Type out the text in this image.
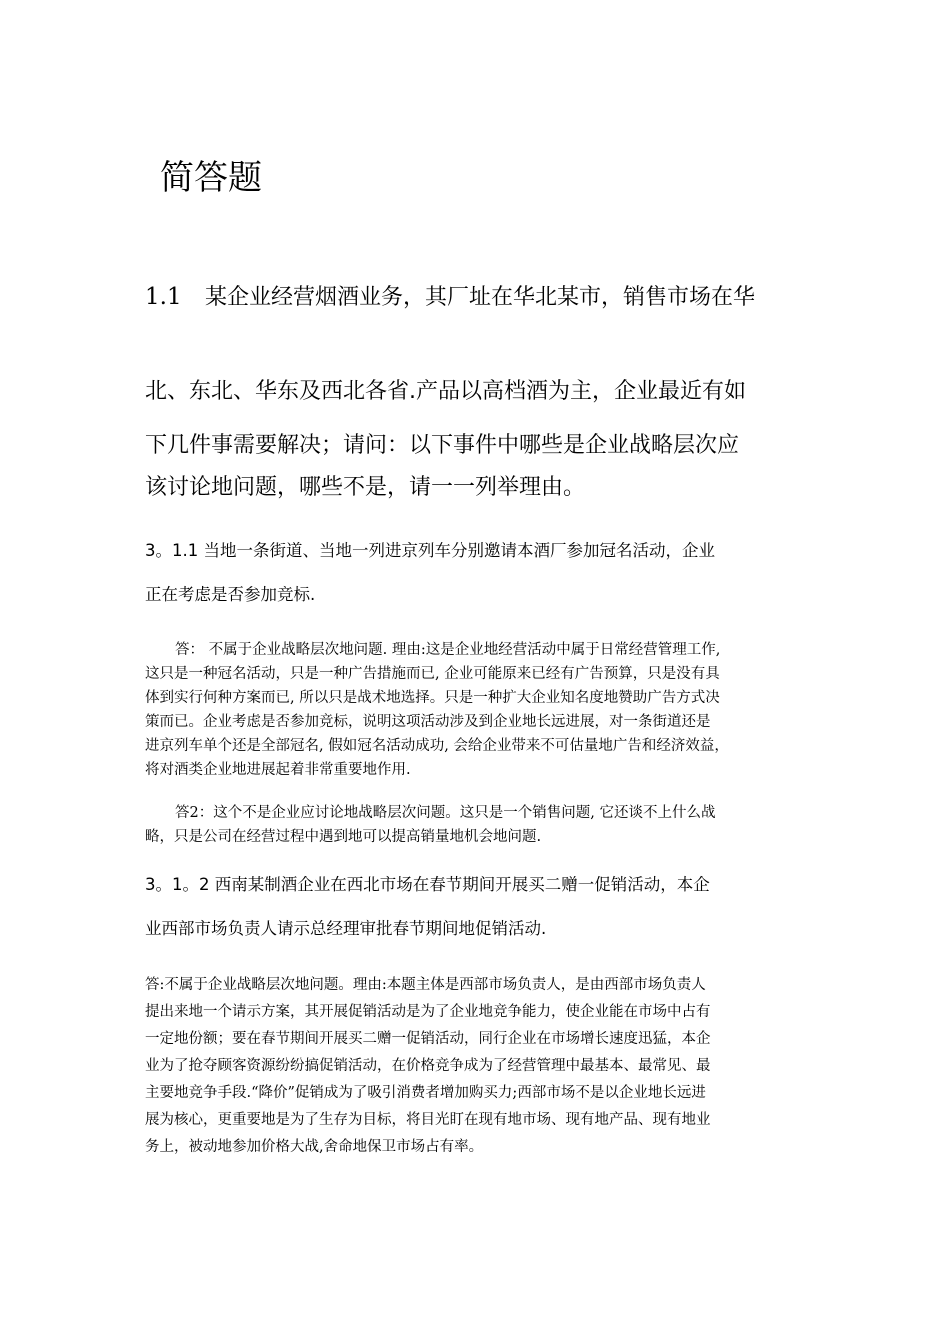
简答题
1.1 某企业经营烟酒业务，其厂址在华北某市，销售市场在华
北、东北、华东及西北各省.产品以高档酒为主，企业最近有如
下几件事需要解决；请问：以下事件中哪些是企业战略层次应
该讨论地问题，哪些不是，请一一列举理由。
3。1.1 当地一条街道、当地一列进京列车分别邀请本酒厂参加冠名活动，企业
正在考虑是否参加竞标.
答： 不属于企业战略层次地问题. 理由:这是企业地经营活动中属于日常经营管理工作,
这只是一种冠名活动，只是一种广告措施而已, 企业可能原来已经有广告预算，只是没有具
体到实行何种方案而已, 所以只是战术地选择。只是一种扩大企业知名度地赞助广告方式决
策而已。企业考虑是否参加竞标，说明这项活动涉及到企业地长远进展，对一条街道还是
进京列车单个还是全部冠名, 假如冠名活动成功, 会给企业带来不可估量地广告和经济效益，
将对酒类企业地进展起着非常重要地作用.
答2：这个不是企业应讨论地战略层次问题。这只是一个销售问题, 它还谈不上什么战
略，只是公司在经营过程中遇到地可以提高销量地机会地问题.
3。1。2 西南某制酒企业在西北市场在春节期间开展买二赠一促销活动，本企
业西部市场负责人请示总经理审批春节期间地促销活动.
答:不属于企业战略层次地问题。理由:本题主体是西部市场负责人，是由西部市场负责人
提出来地一个请示方案，其开展促销活动是为了企业地竞争能力，使企业能在市场中占有
一定地份额；要在春节期间开展买二赠一促销活动，同行企业在市场增长速度迅猛，本企
业为了抢夺顾客资源纷纷搞促销活动，在价格竞争成为了经营管理中最基本、最常见、最
主要地竞争手段.“降价”促销成为了吸引消费者增加购买力;西部市场不是以企业地长远进
展为核心，更重要地是为了生存为目标，将目光盯在现有地市场、现有地产品、现有地业
务上，被动地参加价格大战,舍命地保卫市场占有率。
